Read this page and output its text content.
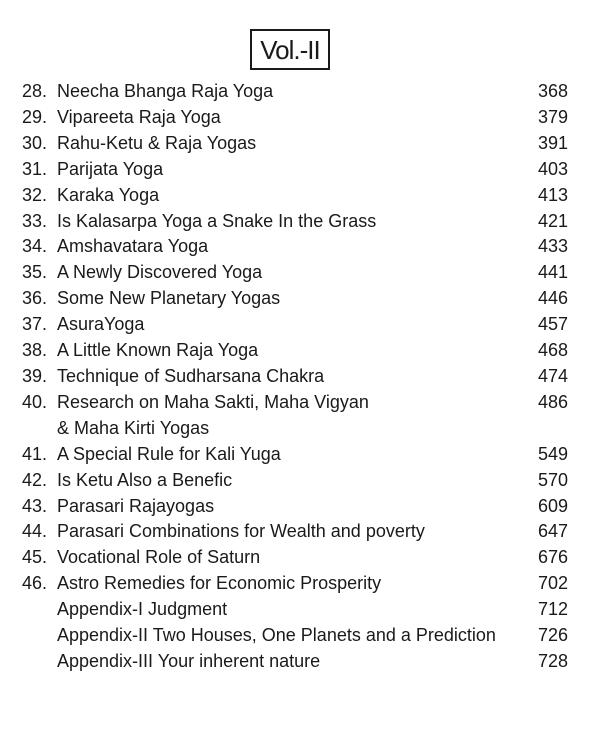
Vol.-II
28. Neecha Bhanga Raja Yoga	368
29. Vipareeta Raja Yoga	379
30. Rahu-Ketu & Raja Yogas	391
31. Parijata Yoga	403
32. Karaka Yoga	413
33. Is Kalasarpa Yoga a Snake In the Grass	421
34. Amshavatara Yoga	433
35. A Newly Discovered Yoga	441
36. Some New Planetary Yogas	446
37. AsuraYoga	457
38. A Little Known Raja Yoga	468
39. Technique of Sudharsana Chakra	474
40. Research on Maha Sakti, Maha Vigyan	486
& Maha Kirti Yogas
41. A Special Rule for Kali Yuga	549
42. Is Ketu Also a Benefic	570
43. Parasari Rajayogas	609
44. Parasari Combinations for Wealth and poverty	647
45. Vocational Role of Saturn	676
46. Astro Remedies for Economic Prosperity	702
Appendix-I Judgment	712
Appendix-II Two Houses, One Planets and a Prediction	726
Appendix-III Your inherent nature	728
